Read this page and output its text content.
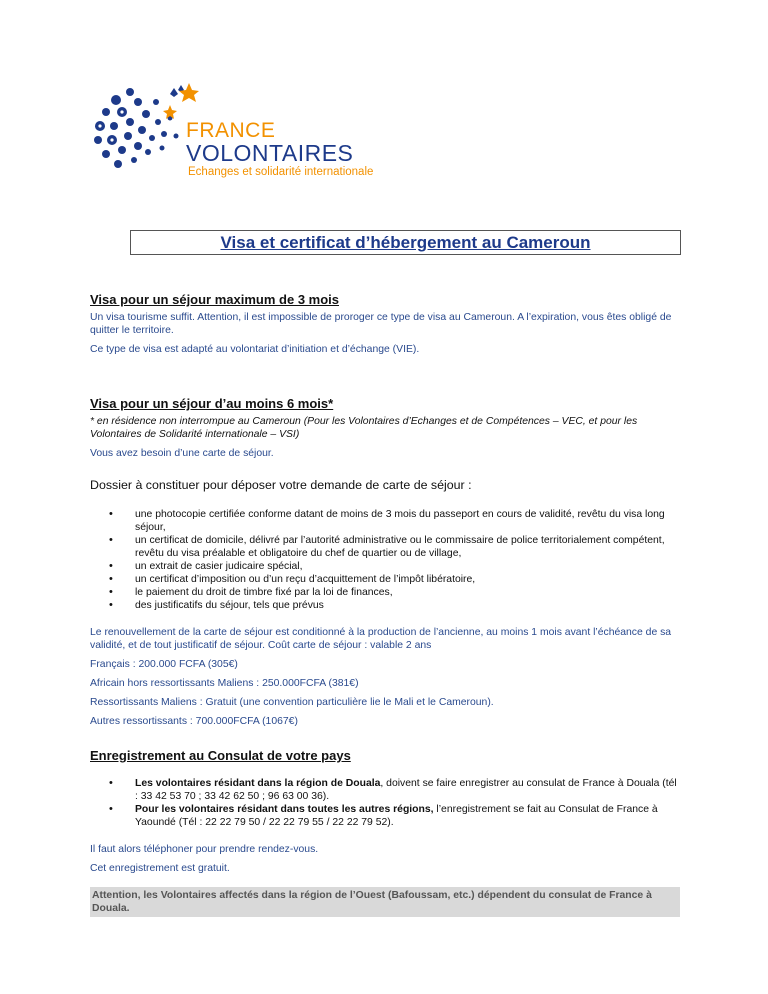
FRANCE
VOLONTAIRES
Echanges et solidarité internationale
Visa et certificat d’hébergement au Cameroun
Visa pour un séjour maximum de 3 mois
Un visa tourisme suffit. Attention, il est impossible de proroger ce type de visa au Cameroun. A l’expiration, vous êtes obligé de quitter le territoire.
Ce type de visa est adapté au volontariat d’initiation et d’échange (VIE).
Visa pour un séjour d’au moins 6 mois*
* en résidence non interrompue au Cameroun (Pour les Volontaires d’Echanges et de Compétences – VEC, et pour les Volontaires de Solidarité internationale – VSI)
Vous avez besoin d’une carte de séjour.
Dossier à constituer pour déposer votre demande de carte de séjour :
• une photocopie certifiée conforme datant de moins de 3 mois du passeport en cours de validité, revêtu du visa long séjour,
• un certificat de domicile, délivré par l’autorité administrative ou le commissaire de police territorialement compétent, revêtu du visa préalable et obligatoire du chef de quartier ou de village,
• un extrait de casier judicaire spécial,
• un certificat d’imposition ou d’un reçu d’acquittement de l’impôt libératoire,
• le paiement du droit de timbre fixé par la loi de finances,
• des justificatifs du séjour, tels que prévus
Le renouvellement de la carte de séjour est conditionné à la production de l’ancienne, au moins 1 mois avant l’échéance de sa validité, et de tout justificatif de séjour. Coût carte de séjour : valable 2 ans
Français : 200.000 FCFA (305€)
Africain hors ressortissants Maliens : 250.000FCFA (381€)
Ressortissants Maliens : Gratuit (une convention particulière lie le Mali et le Cameroun).
Autres ressortissants : 700.000FCFA (1067€)
Enregistrement au Consulat de votre pays
• Les volontaires résidant dans la région de Douala, doivent se faire enregistrer au consulat de France à Douala (tél : 33 42 53 70 ; 33 42 62 50 ; 96 63 00 36).
• Pour les volontaires résidant dans toutes les autres régions, l’enregistrement se fait au Consulat de France à Yaoundé (Tél : 22 22 79 50 / 22 22 79 55 / 22 22 79 52).
Il faut alors téléphoner pour prendre rendez-vous.
Cet enregistrement est gratuit.
Attention, les Volontaires affectés dans la région de l’Ouest (Bafoussam, etc.) dépendent du consulat de France à Douala.
